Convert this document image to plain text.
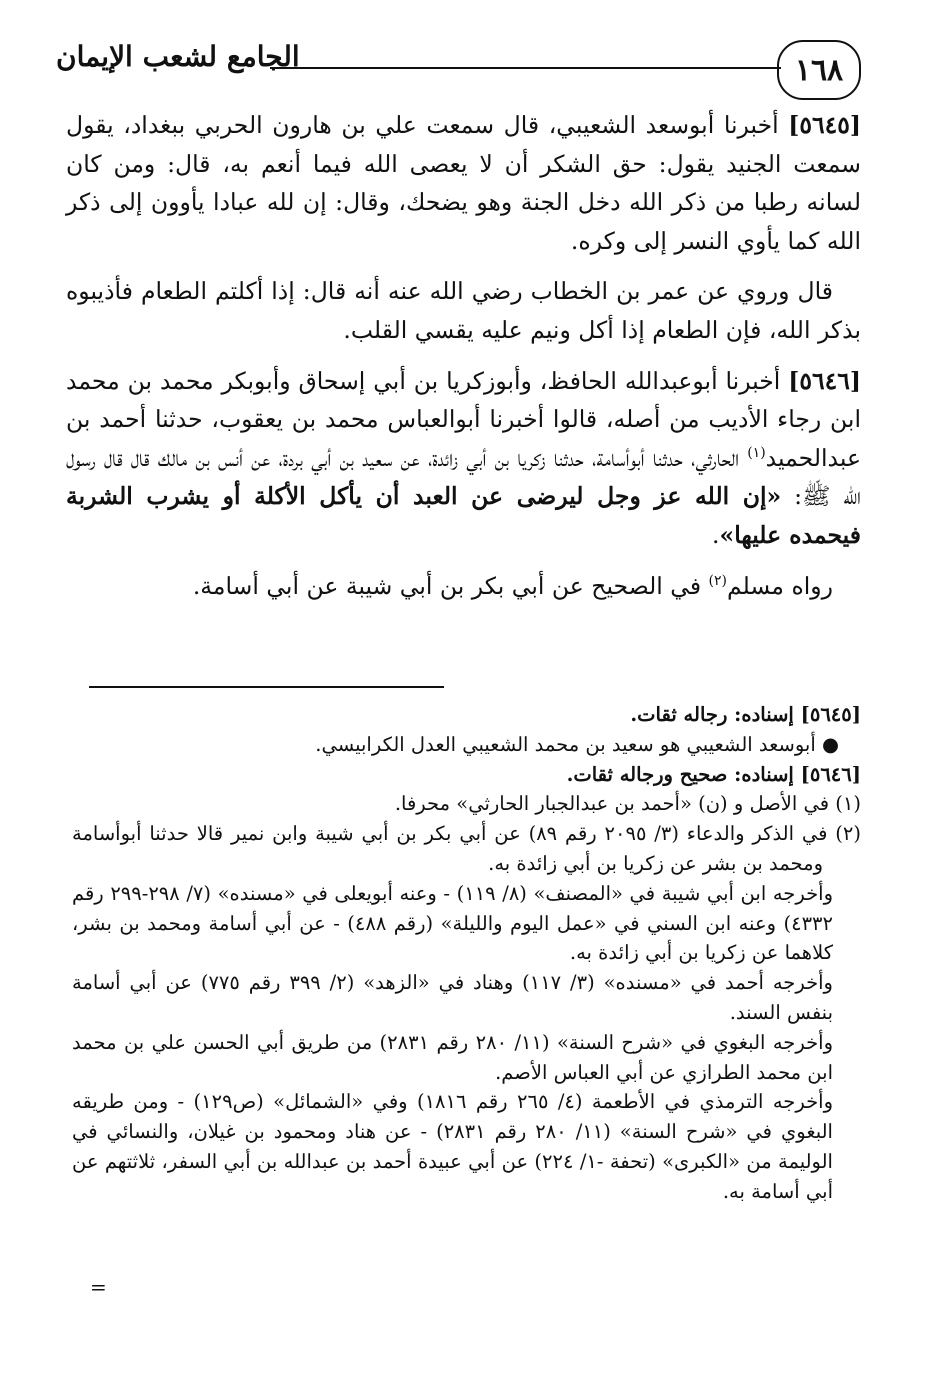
١٦٨
الجامع لشعب الإيمان

[٥٦٤٥] أخبرنا أبوسعد الشعيبي، قال سمعت علي بن هارون الحربي ببغداد، يقول سمعت الجنيد يقول: حق الشكر أن لا يعصى الله فيما أنعم به، قال: ومن كان لسانه رطبا من ذكر الله دخل الجنة وهو يضحك، وقال: إن لله عبادا يأوون إلى ذكر الله كما يأوي النسر إلى وكره.

قال وروي عن عمر بن الخطاب رضي الله عنه أنه قال: إذا أكلتم الطعام فأذيبوه بذكر الله، فإن الطعام إذا أكل ونيم عليه يقسي القلب.

[٥٦٤٦] أخبرنا أبوعبدالله الحافظ، وأبوزكريا بن أبي إسحاق وأبوبكر محمد بن محمد ابن رجاء الأديب من أصله، قالوا أخبرنا أبوالعباس محمد بن يعقوب، حدثنا أحمد بن عبدالحميد$^{(١)}$ الحارثي، حدثنا أبوأسامة، حدثنا زكريا بن أبي زائدة، عن سعيد بن أبي بردة، عن أنس بن مالك قال قال رسول الله ﷺ: «إن الله عز وجل ليرضى عن العبد أن يأكل الأكلة أو يشرب الشربة فيحمده عليها».

رواه مسلم$^{(٢)}$ في الصحيح عن أبي بكر بن أبي شيبة عن أبي أسامة.

[٥٦٤٥] إسناده: رجاله ثقات.

● أبوسعد الشعيبي هو سعيد بن محمد الشعيبي العدل الكرابيسي.

[٥٦٤٦] إسناده: صحيح ورجاله ثقات.

(١) في الأصل و (ن) «أحمد بن عبدالجبار الحارثي» محرفا.

(٢) في الذكر والدعاء (٣/ ٢٠٩٥ رقم ٨٩) عن أبي بكر بن أبي شيبة وابن نمير قالا حدثنا أبوأسامة ومحمد بن بشر عن زكريا بن أبي زائدة به.

وأخرجه ابن أبي شيبة في «المصنف» (٨/ ١١٩) - وعنه أبويعلى في «مسنده» (٧/ ٢٩٨-٢٩٩ رقم ٤٣٣٢) وعنه ابن السني في «عمل اليوم والليلة» (رقم ٤٨٨) - عن أبي أسامة ومحمد بن بشر، كلاهما عن زكريا بن أبي زائدة به.

وأخرجه أحمد في «مسنده» (٣/ ١١٧) وهناد في «الزهد» (٢/ ٣٩٩ رقم ٧٧٥) عن أبي أسامة بنفس السند.

وأخرجه البغوي في «شرح السنة» (١١/ ٢٨٠ رقم ٢٨٣١) من طريق أبي الحسن علي بن محمد ابن محمد الطرازي عن أبي العباس الأصم.

وأخرجه الترمذي في الأطعمة (٤/ ٢٦٥ رقم ١٨١٦) وفي «الشمائل» (ص١٢٩) - ومن طريقه البغوي في «شرح السنة» (١١/ ٢٨٠ رقم ٢٨٣١) - عن هناد ومحمود بن غيلان، والنسائي في الوليمة من «الكبرى» (تحفة -١/ ٢٢٤) عن أبي عبيدة أحمد بن عبدالله بن أبي السفر، ثلاثتهم عن أبي أسامة به.

=
